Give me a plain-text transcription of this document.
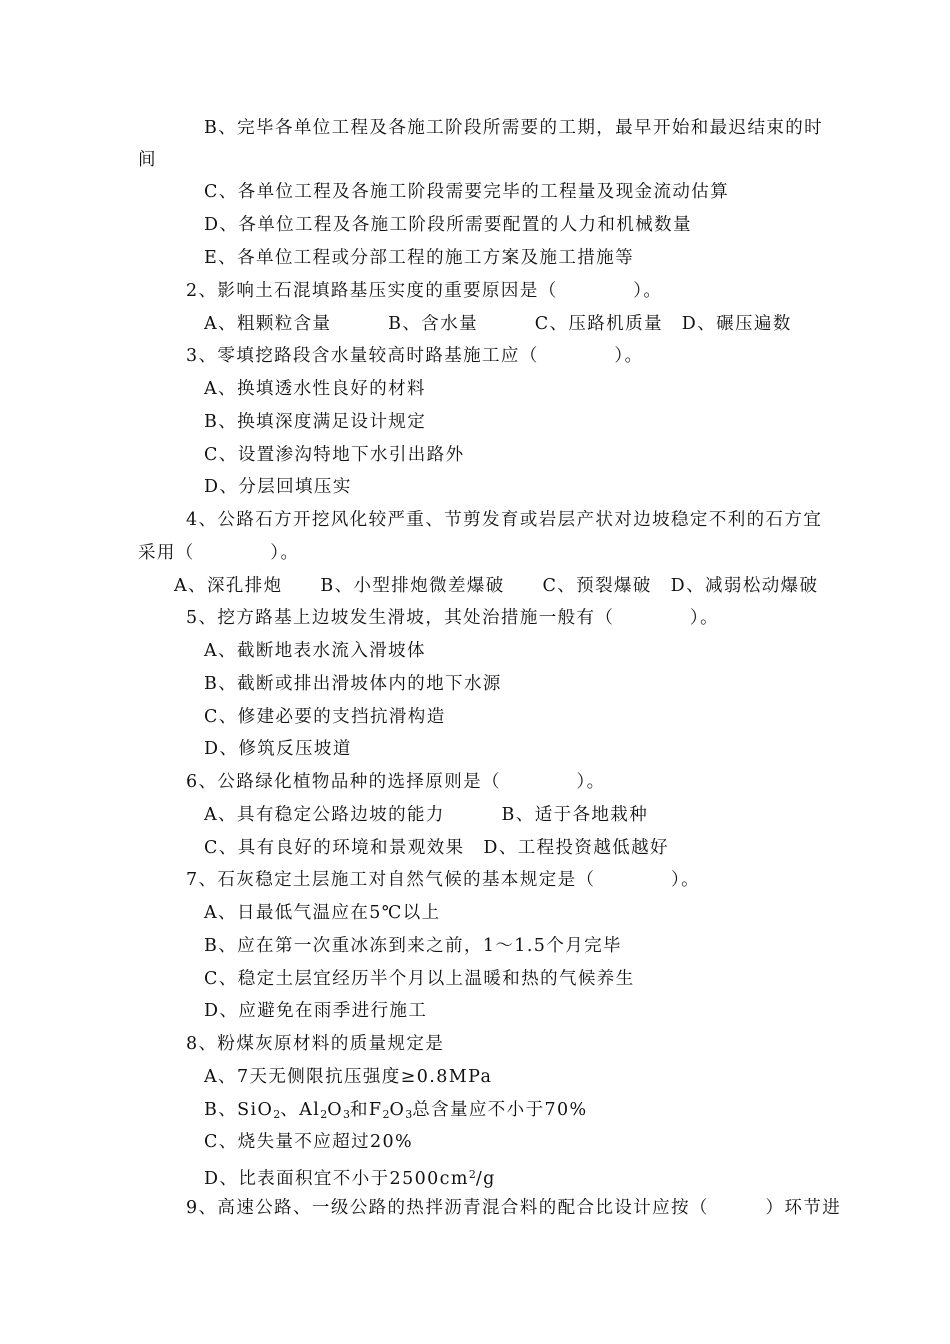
B、完毕各单位工程及各施工阶段所需要的工期，最早开始和最迟结束的时
间
C、各单位工程及各施工阶段需要完毕的工程量及现金流动估算
D、各单位工程及各施工阶段所需要配置的人力和机械数量
E、各单位工程或分部工程的施工方案及施工措施等
2、影响土石混填路基压实度的重要原因是（　　　　）。
A、粗颗粒含量　　　B、含水量　　　C、压路机质量　D、碾压遍数
3、零填挖路段含水量较高时路基施工应（　　　　）。
A、换填透水性良好的材料
B、换填深度满足设计规定
C、设置渗沟特地下水引出路外
D、分层回填压实
4、公路石方开挖风化较严重、节剪发育或岩层产状对边坡稳定不利的石方宜
采用（　　　　）。
A、深孔排炮　　B、小型排炮微差爆破　　C、预裂爆破　D、减弱松动爆破
5、挖方路基上边坡发生滑坡，其处治措施一般有（　　　　）。
A、截断地表水流入滑坡体
B、截断或排出滑坡体内的地下水源
C、修建必要的支挡抗滑构造
D、修筑反压坡道
6、公路绿化植物品种的选择原则是（　　　　）。
A、具有稳定公路边坡的能力　　　B、适于各地栽种
C、具有良好的环境和景观效果　D、工程投资越低越好
7、石灰稳定土层施工对自然气候的基本规定是（　　　　）。
A、日最低气温应在5℃以上
B、应在第一次重冰冻到来之前，1～1.5个月完毕
C、稳定土层宜经历半个月以上温暖和热的气候养生
D、应避免在雨季进行施工
8、粉煤灰原材料的质量规定是
A、7天无侧限抗压强度≥0.8MPa
B、SiO$_2$、$Al_2O_3$和$F_2O_3$总含量应不小于70%
C、烧失量不应超过20%
D、比表面积宜不小于$2500cm^2/g$
9、高速公路、一级公路的热拌沥青混合料的配合比设计应按（　　　）环节进
